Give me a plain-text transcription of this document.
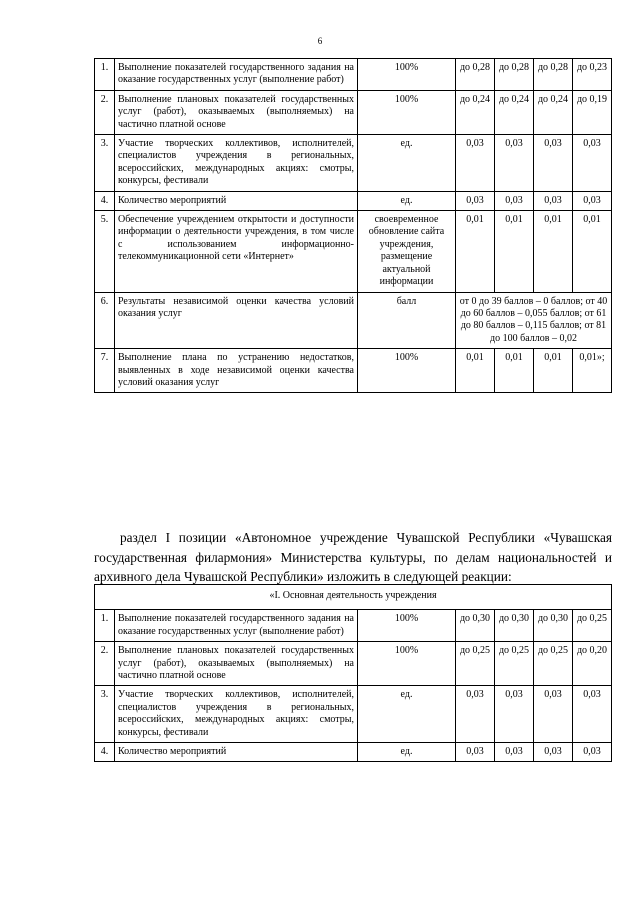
6
1.	Выполнение показателей государственного задания на оказание государственных услуг (выполнение работ)	100%	до 0,28	до 0,28	до 0,28	до 0,23
2.	Выполнение плановых показателей государственных услуг (работ), оказываемых (выполняемых) на частично платной основе	100%	до 0,24	до 0,24	до 0,24	до 0,19
3.	Участие творческих коллективов, исполнителей, специалистов учреждения в региональных, всероссийских, международных акциях: смотры, конкурсы, фестивали	ед.	0,03	0,03	0,03	0,03
4.	Количество мероприятий	ед.	0,03	0,03	0,03	0,03
5.	Обеспечение учреждением открытости и доступности информации о деятельности учреждения, в том числе с использованием информационно-телекоммуникационной сети «Интернет»	своевременное обновление сайта учреждения, размещение актуальной информации	0,01	0,01	0,01	0,01
6.	Результаты независимой оценки качества условий оказания услуг	балл	от 0 до 39 баллов – 0 баллов; от 40 до 60 баллов – 0,055 баллов; от 61 до 80 баллов – 0,115 баллов; от 81 до 100 баллов – 0,02			
7.	Выполнение плана по устранению недостатков, выявленных в ходе независимой оценки качества условий оказания услуг	100%	0,01	0,01	0,01	0,01»;

раздел I позиции «Автономное учреждение Чувашской Республики «Чувашская государственная филармония» Министерства культуры, по делам национальностей и архивного дела Чувашской Республики» изложить в следующей реакции:

«I. Основная деятельность учреждения						
1.	Выполнение показателей государственного задания на оказание государственных услуг (выполнение работ)	100%	до 0,30	до 0,30	до 0,30	до 0,25
2.	Выполнение плановых показателей государственных услуг (работ), оказываемых (выполняемых) на частично платной основе	100%	до 0,25	до 0,25	до 0,25	до 0,20
3.	Участие творческих коллективов, исполнителей, специалистов учреждения в региональных, всероссийских, международных акциях: смотры, конкурсы, фестивали	ед.	0,03	0,03	0,03	0,03
4.	Количество мероприятий	ед.	0,03	0,03	0,03	0,03
